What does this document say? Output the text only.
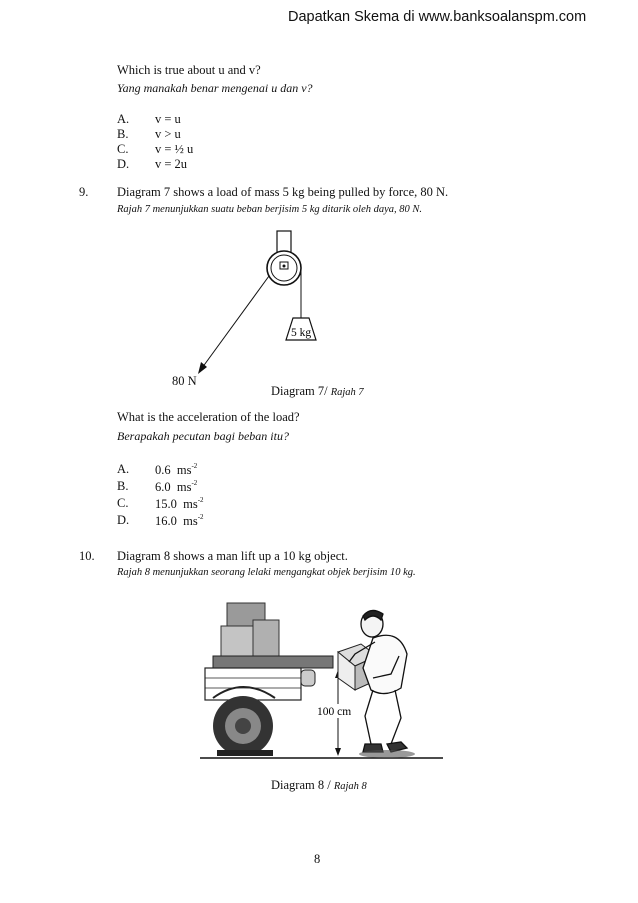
Dapatkan Skema di www.banksoalanspm.com
Which is true about u and v?
Yang manakah benar mengenai u dan v?
A. v = u
B. v > u
C. v = ½ u
D. v = 2u
9. Diagram 7 shows a load of mass 5 kg being pulled by force, 80 N.
Rajah 7 menunjukkan suatu beban berjisim 5 kg ditarik oleh daya, 80 N.
5 kg
80 N
Diagram 7/ Rajah 7
What is the acceleration of the load?
Berapakah pecutan bagi beban itu?
A. 0.6 $ms^{-2}$
B. 6.0 $ms^{-2}$
C. 15.0 $ms^{-2}$
D. 16.0 $ms^{-2}$
10. Diagram 8 shows a man lift up a 10 kg object.
Rajah 8 menunjukkan seorang lelaki mengangkat objek berjisim 10 kg.
100 cm
Diagram 8 / Rajah 8
8
